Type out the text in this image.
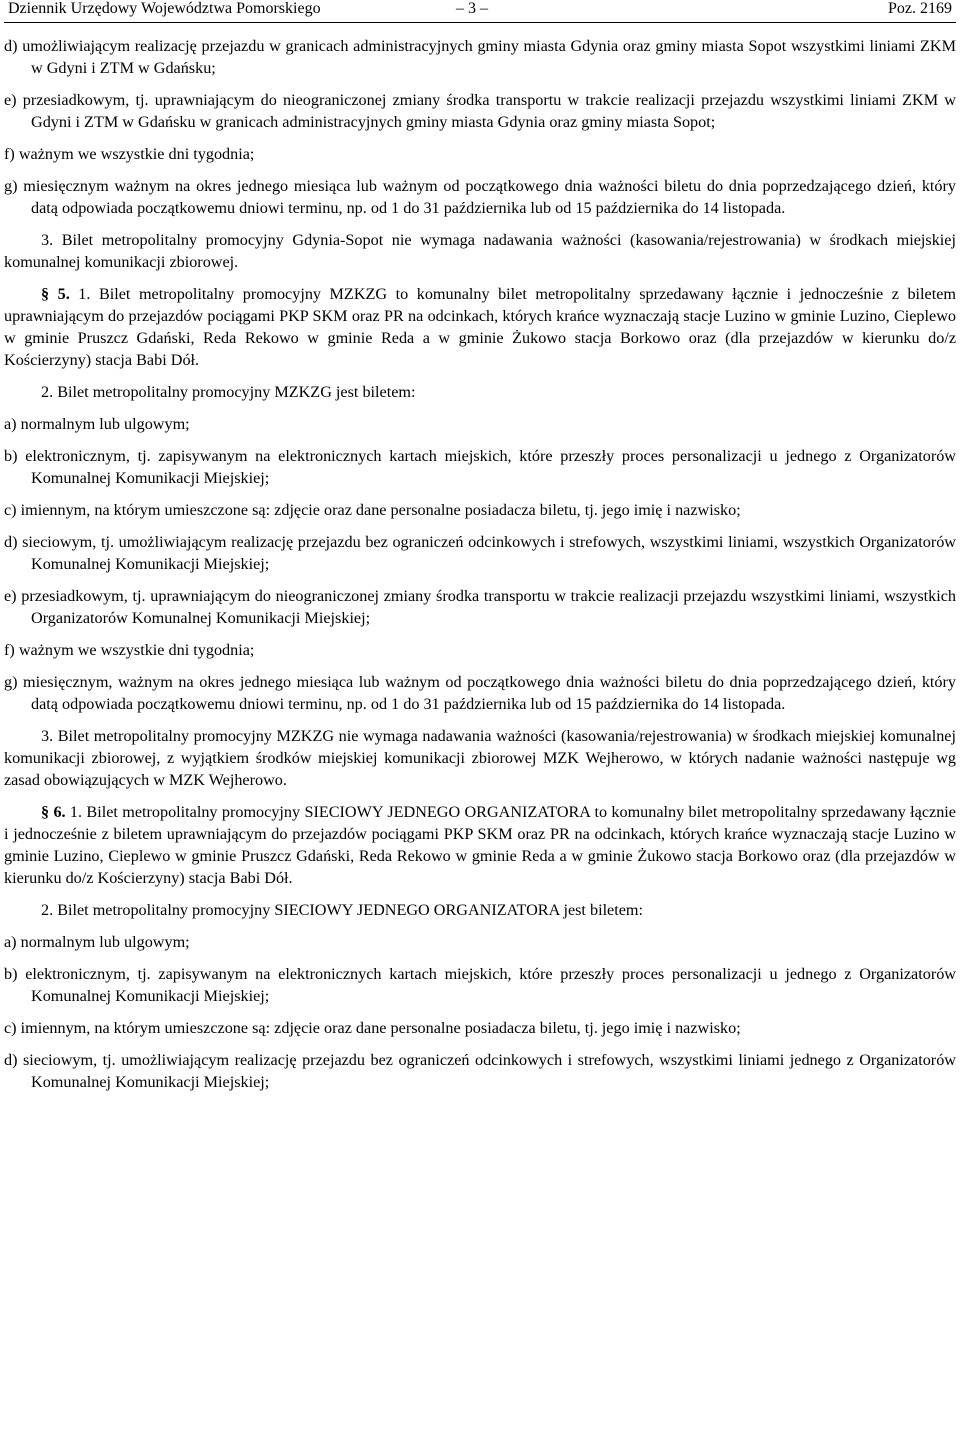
Dziennik Urzędowy Województwa Pomorskiego	– 3 –	Poz. 2169

d) umożliwiającym realizację przejazdu w granicach administracyjnych gminy miasta Gdynia oraz gminy miasta Sopot wszystkimi liniami ZKM w Gdyni i ZTM w Gdańsku;

e) przesiadkowym, tj. uprawniającym do nieograniczonej zmiany środka transportu w trakcie realizacji przejazdu wszystkimi liniami ZKM w Gdyni i ZTM w Gdańsku w granicach administracyjnych gminy miasta Gdynia oraz gminy miasta Sopot;

f) ważnym we wszystkie dni tygodnia;

g) miesięcznym ważnym na okres jednego miesiąca lub ważnym od początkowego dnia ważności biletu do dnia poprzedzającego dzień, który datą odpowiada początkowemu dniowi terminu, np. od 1 do 31 października lub od 15 października do 14 listopada.

3. Bilet metropolitalny promocyjny Gdynia-Sopot nie wymaga nadawania ważności (kasowania/rejestrowania) w środkach miejskiej komunalnej komunikacji zbiorowej.

§ 5. 1. Bilet metropolitalny promocyjny MZKZG to komunalny bilet metropolitalny sprzedawany łącznie i jednocześnie z biletem uprawniającym do przejazdów pociągami PKP SKM oraz PR na odcinkach, których krańce wyznaczają stacje Luzino w gminie Luzino, Cieplewo w gminie Pruszcz Gdański, Reda Rekowo w gminie Reda a w gminie Żukowo stacja Borkowo oraz (dla przejazdów w kierunku do/z Kościerzyny) stacja Babi Dół.

2. Bilet metropolitalny promocyjny MZKZG jest biletem:

a) normalnym lub ulgowym;

b) elektronicznym, tj. zapisywanym na elektronicznych kartach miejskich, które przeszły proces personalizacji u jednego z Organizatorów Komunalnej Komunikacji Miejskiej;

c) imiennym, na którym umieszczone są: zdjęcie oraz dane personalne posiadacza biletu, tj. jego imię i nazwisko;

d) sieciowym, tj. umożliwiającym realizację przejazdu bez ograniczeń odcinkowych i strefowych, wszystkimi liniami, wszystkich Organizatorów Komunalnej Komunikacji Miejskiej;

e) przesiadkowym, tj. uprawniającym do nieograniczonej zmiany środka transportu w trakcie realizacji przejazdu wszystkimi liniami, wszystkich Organizatorów Komunalnej Komunikacji Miejskiej;

f) ważnym we wszystkie dni tygodnia;

g) miesięcznym, ważnym na okres jednego miesiąca lub ważnym od początkowego dnia ważności biletu do dnia poprzedzającego dzień, który datą odpowiada początkowemu dniowi terminu, np. od 1 do 31 października lub od 15 października do 14 listopada.

3. Bilet metropolitalny promocyjny MZKZG nie wymaga nadawania ważności (kasowania/rejestrowania) w środkach miejskiej komunalnej komunikacji zbiorowej, z wyjątkiem środków miejskiej komunikacji zbiorowej MZK Wejherowo, w których nadanie ważności następuje wg zasad obowiązujących w MZK Wejherowo.

§ 6. 1. Bilet metropolitalny promocyjny SIECIOWY JEDNEGO ORGANIZATORA to komunalny bilet metropolitalny sprzedawany łącznie i jednocześnie z biletem uprawniającym do przejazdów pociągami PKP SKM oraz PR na odcinkach, których krańce wyznaczają stacje Luzino w gminie Luzino, Cieplewo w gminie Pruszcz Gdański, Reda Rekowo w gminie Reda a w gminie Żukowo stacja Borkowo oraz (dla przejazdów w kierunku do/z Kościerzyny) stacja Babi Dół.

2. Bilet metropolitalny promocyjny SIECIOWY JEDNEGO ORGANIZATORA jest biletem:

a) normalnym lub ulgowym;

b) elektronicznym, tj. zapisywanym na elektronicznych kartach miejskich, które przeszły proces personalizacji u jednego z Organizatorów Komunalnej Komunikacji Miejskiej;

c) imiennym, na którym umieszczone są: zdjęcie oraz dane personalne posiadacza biletu, tj. jego imię i nazwisko;

d) sieciowym, tj. umożliwiającym realizację przejazdu bez ograniczeń odcinkowych i strefowych, wszystkimi liniami jednego z Organizatorów Komunalnej Komunikacji Miejskiej;
